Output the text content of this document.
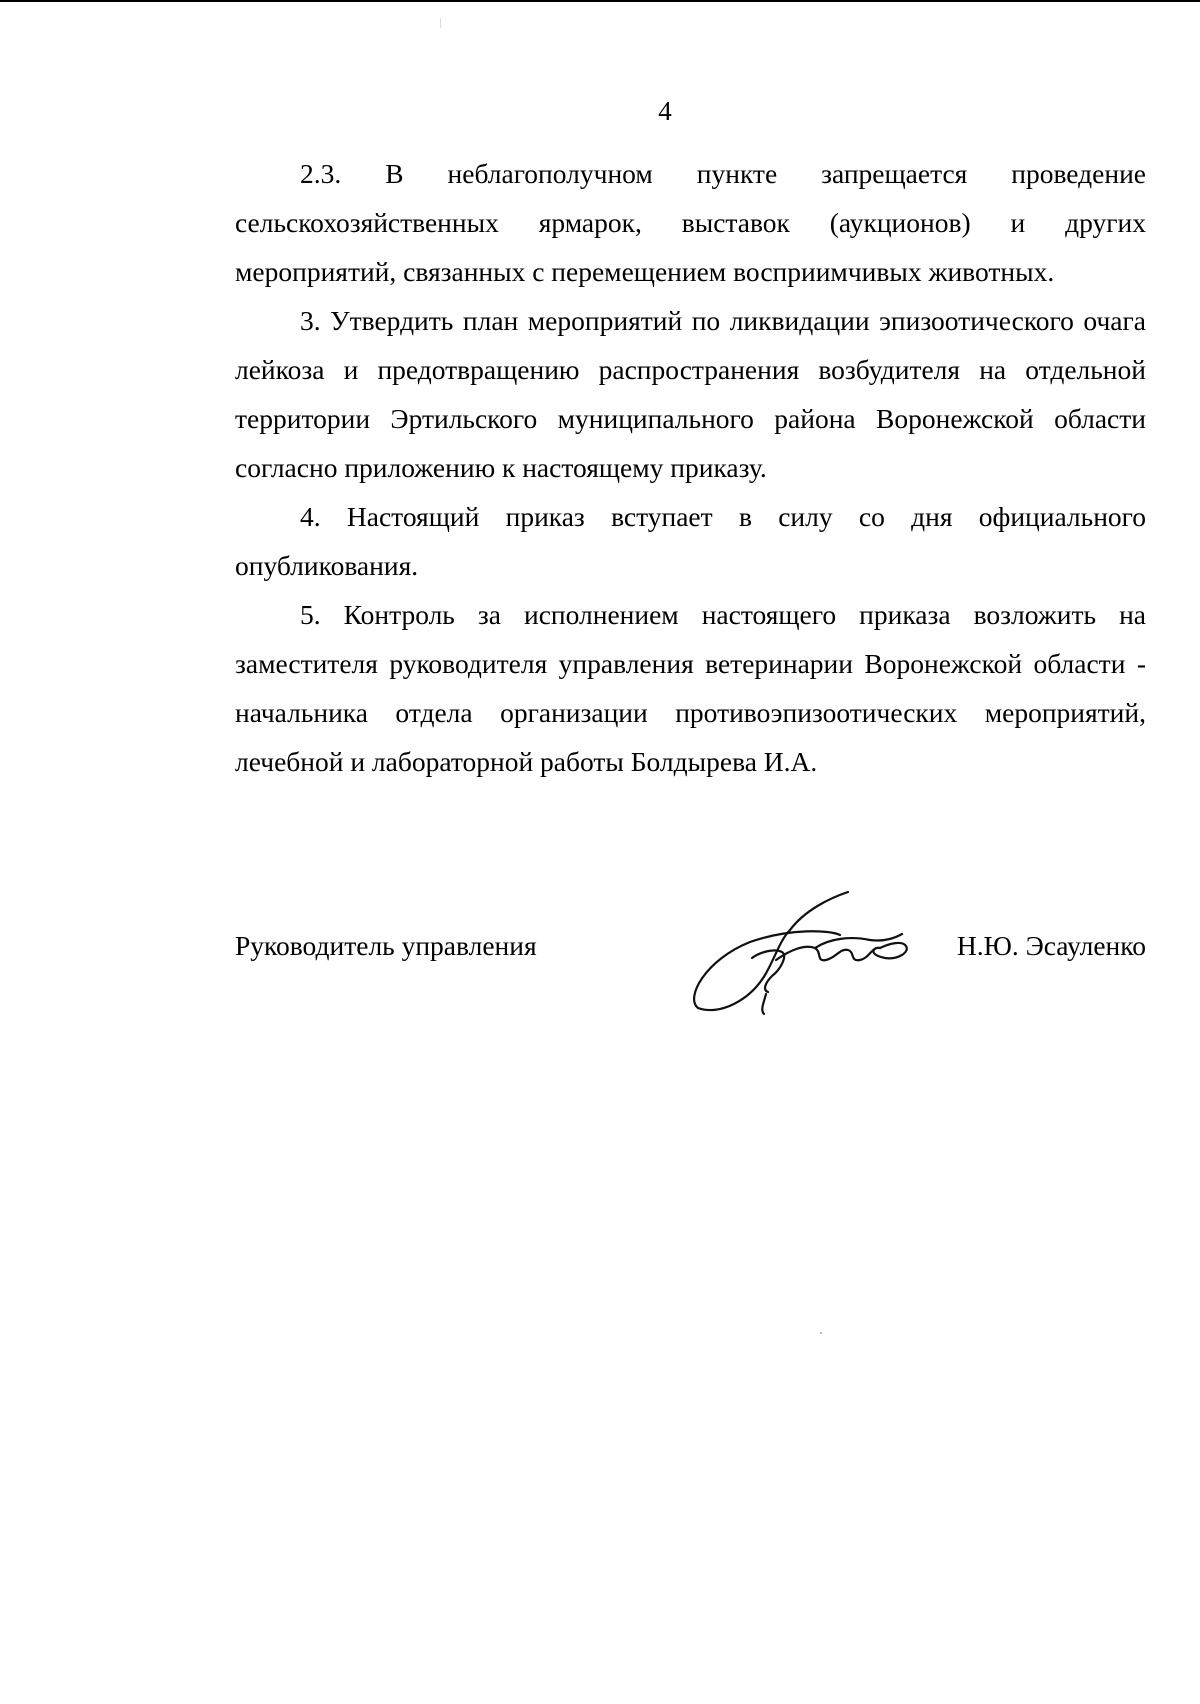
4

2.3. В неблагополучном пункте запрещается проведение сельскохозяйственных ярмарок, выставок (аукционов) и других мероприятий, связанных с перемещением восприимчивых животных.

3. Утвердить план мероприятий по ликвидации эпизоотического очага лейкоза и предотвращению распространения возбудителя на отдельной территории Эртильского муниципального района Воронежской области согласно приложению к настоящему приказу.

4. Настоящий приказ вступает в силу со дня официального опубликования.

5. Контроль за исполнением настоящего приказа возложить на заместителя руководителя управления ветеринарии Воронежской области - начальника отдела организации противоэпизоотических мероприятий, лечебной и лабораторной работы Болдырева И.А.

Руководитель управления	Н.Ю. Эсауленко
